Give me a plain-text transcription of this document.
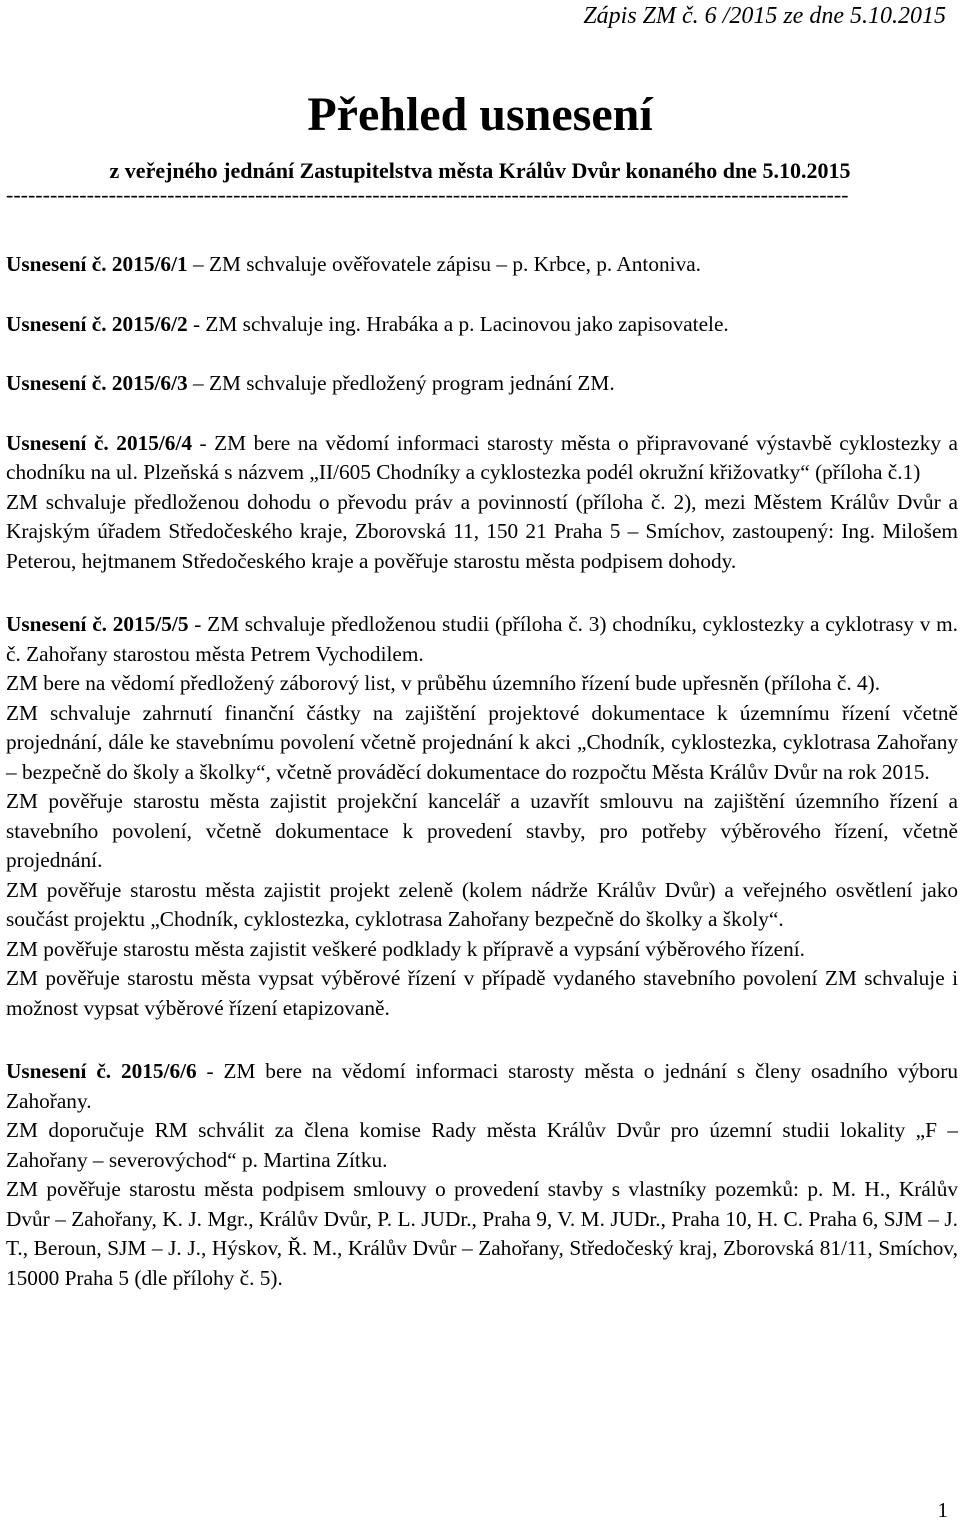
Zápis ZM č. 6 /2015 ze dne 5.10.2015
Přehled usnesení
z veřejného jednání Zastupitelstva města Králův Dvůr konaného dne 5.10.2015
-------------------------------------------------------------------------------------------------------------------

Usnesení č. 2015/6/1 – ZM schvaluje ověřovatele zápisu – p. Krbce, p. Antoniva.

Usnesení č. 2015/6/2 - ZM schvaluje ing. Hrabáka a p. Lacinovou jako zapisovatele.

Usnesení č. 2015/6/3 – ZM schvaluje předložený program jednání ZM.

Usnesení č. 2015/6/4 - ZM bere na vědomí informaci starosty města o připravované výstavbě cyklostezky a chodníku na ul. Plzeňská s názvem „II/605 Chodníky a cyklostezka podél okružní křižovatky“ (příloha č.1)

ZM schvaluje předloženou dohodu o převodu práv a povinností (příloha č. 2), mezi Městem Králův Dvůr a Krajským úřadem Středočeského kraje, Zborovská 11, 150 21 Praha 5 – Smíchov, zastoupený: Ing. Milošem Peterou, hejtmanem Středočeského kraje a pověřuje starostu města podpisem dohody.

Usnesení č. 2015/5/5 - ZM schvaluje předloženou studii (příloha č. 3) chodníku, cyklostezky a cyklotrasy v m. č. Zahořany starostou města Petrem Vychodilem.

ZM bere na vědomí předložený záborový list, v průběhu územního řízení bude upřesněn (příloha č. 4).

ZM schvaluje zahrnutí finanční částky na zajištění projektové dokumentace k územnímu řízení včetně projednání, dále ke stavebnímu povolení včetně projednání k akci „Chodník, cyklostezka, cyklotrasa Zahořany – bezpečně do školy a školky“, včetně prováděcí dokumentace do rozpočtu Města Králův Dvůr na rok 2015.

ZM pověřuje starostu města zajistit projekční kancelář a uzavřít smlouvu na zajištění územního řízení a stavebního povolení, včetně dokumentace k provedení stavby, pro potřeby výběrového řízení, včetně projednání.

ZM pověřuje starostu města zajistit projekt zeleně (kolem nádrže Králův Dvůr) a veřejného osvětlení jako součást projektu „Chodník, cyklostezka, cyklotrasa Zahořany bezpečně do školky a školy“.

ZM pověřuje starostu města zajistit veškeré podklady k přípravě a vypsání výběrového řízení.

ZM pověřuje starostu města vypsat výběrové řízení v případě vydaného stavebního povolení ZM schvaluje i možnost vypsat výběrové řízení etapizovaně.

Usnesení č. 2015/6/6 - ZM bere na vědomí informaci starosty města o jednání s členy osadního výboru Zahořany.

ZM doporučuje RM schválit za člena komise Rady města Králův Dvůr pro územní studii lokality „F – Zahořany – severovýchod“ p. Martina Zítku.

ZM pověřuje starostu města podpisem smlouvy o provedení stavby s vlastníky pozemků: p. M. H., Králův Dvůr – Zahořany, K. J. Mgr., Králův Dvůr, P. L. JUDr., Praha 9, V. M. JUDr., Praha 10, H. C. Praha 6, SJM – J. T., Beroun, SJM – J. J., Hýskov, Ř. M., Králův Dvůr – Zahořany, Středočeský kraj, Zborovská 81/11, Smíchov, 15000 Praha 5 (dle přílohy č. 5).

1
